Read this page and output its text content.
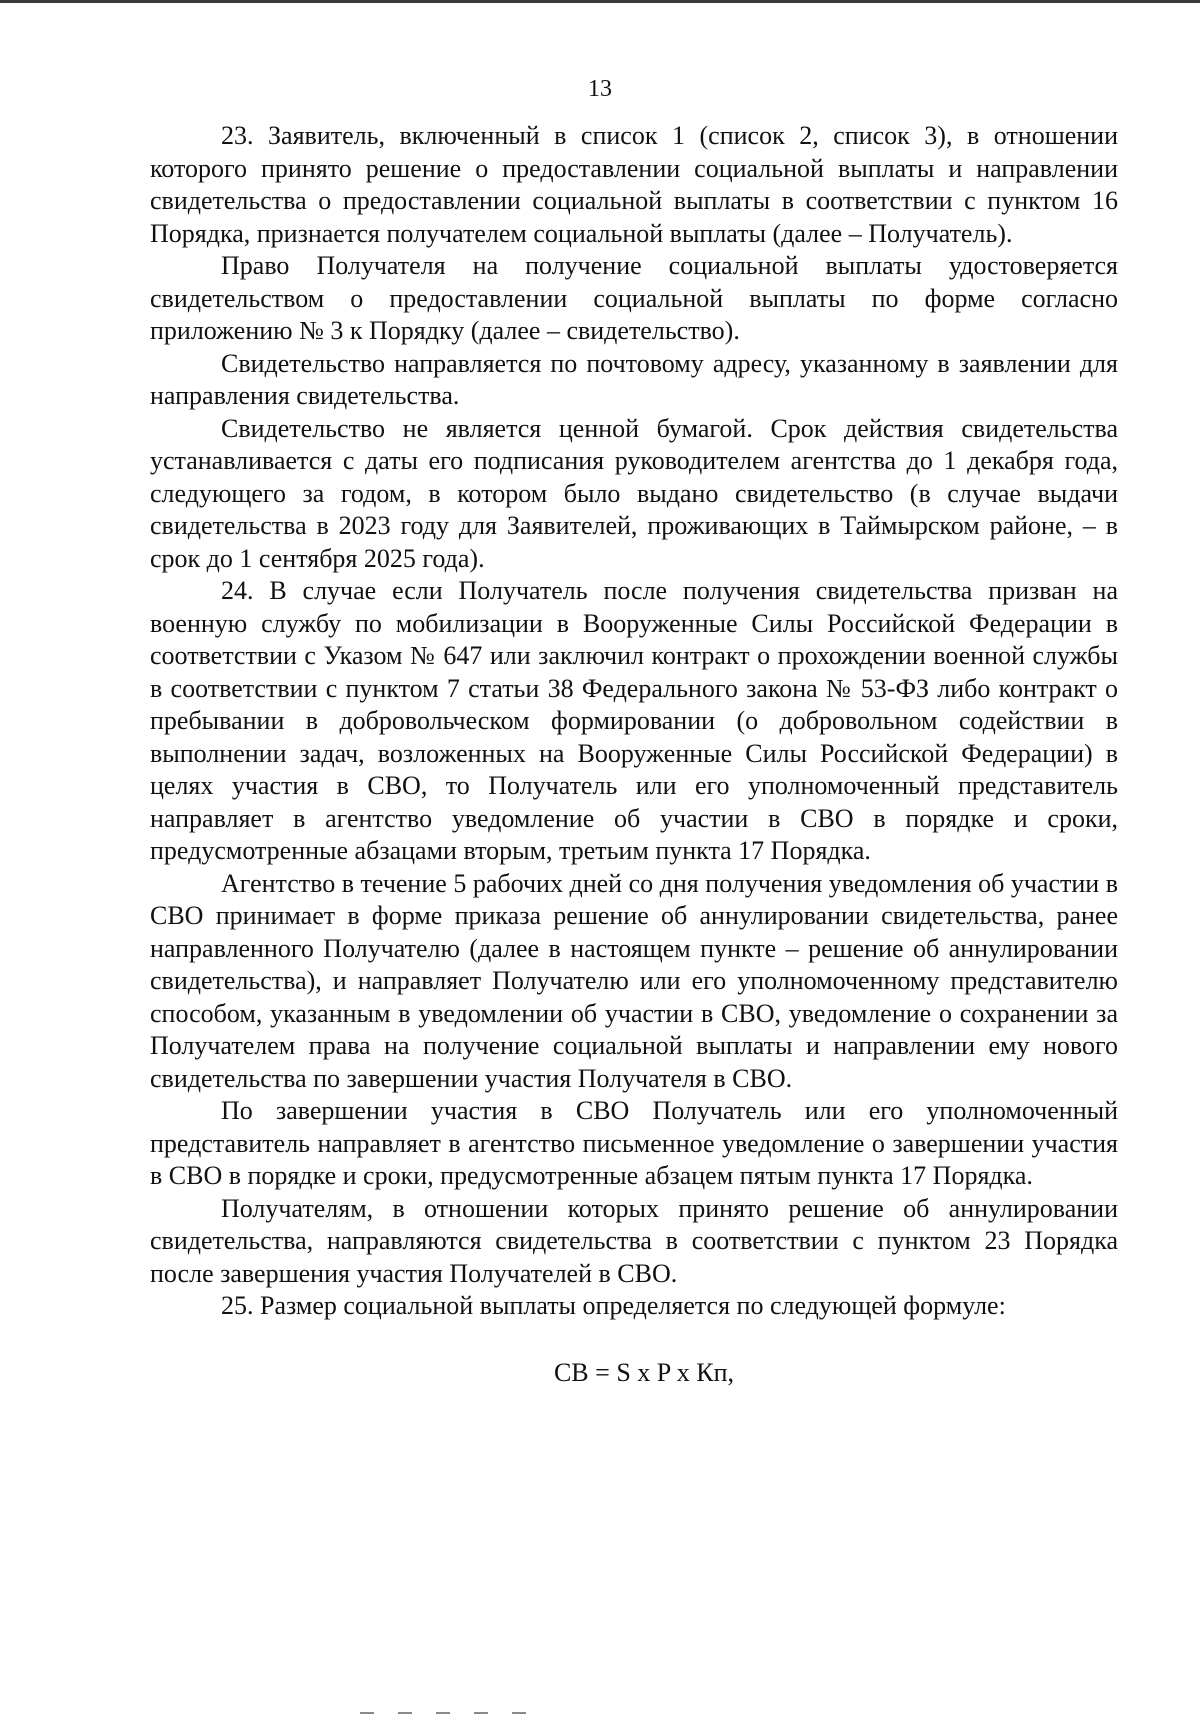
13

23. Заявитель, включенный в список 1 (список 2, список 3), в отношении которого принято решение о предоставлении социальной выплаты и направлении свидетельства о предоставлении социальной выплаты в соответствии с пунктом 16 Порядка, признается получателем социальной выплаты (далее – Получатель).

Право Получателя на получение социальной выплаты удостоверяется свидетельством о предоставлении социальной выплаты по форме согласно приложению № 3 к Порядку (далее – свидетельство).

Свидетельство направляется по почтовому адресу, указанному в заявлении для направления свидетельства.

Свидетельство не является ценной бумагой. Срок действия свидетельства устанавливается с даты его подписания руководителем агентства до 1 декабря года, следующего за годом, в котором было выдано свидетельство (в случае выдачи свидетельства в 2023 году для Заявителей, проживающих в Таймырском районе, – в срок до 1 сентября 2025 года).

24. В случае если Получатель после получения свидетельства призван на военную службу по мобилизации в Вооруженные Силы Российской Федерации в соответствии с Указом № 647 или заключил контракт о прохождении военной службы в соответствии с пунктом 7 статьи 38 Федерального закона № 53-ФЗ либо контракт о пребывании в добровольческом формировании (о добровольном содействии в выполнении задач, возложенных на Вооруженные Силы Российской Федерации) в целях участия в СВО, то Получатель или его уполномоченный представитель направляет в агентство уведомление об участии в СВО в порядке и сроки, предусмотренные абзацами вторым, третьим пункта 17 Порядка.

Агентство в течение 5 рабочих дней со дня получения уведомления об участии в СВО принимает в форме приказа решение об аннулировании свидетельства, ранее направленного Получателю (далее в настоящем пункте – решение об аннулировании свидетельства), и направляет Получателю или его уполномоченному представителю способом, указанным в уведомлении об участии в СВО, уведомление о сохранении за Получателем права на получение социальной выплаты и направлении ему нового свидетельства по завершении участия Получателя в СВО.

По завершении участия в СВО Получатель или его уполномоченный представитель направляет в агентство письменное уведомление о завершении участия в СВО в порядке и сроки, предусмотренные абзацем пятым пункта 17 Порядка.

Получателям, в отношении которых принято решение об аннулировании свидетельства, направляются свидетельства в соответствии с пунктом 23 Порядка после завершения участия Получателей в СВО.

25. Размер социальной выплаты определяется по следующей формуле:

СВ = S x P x Кп,
